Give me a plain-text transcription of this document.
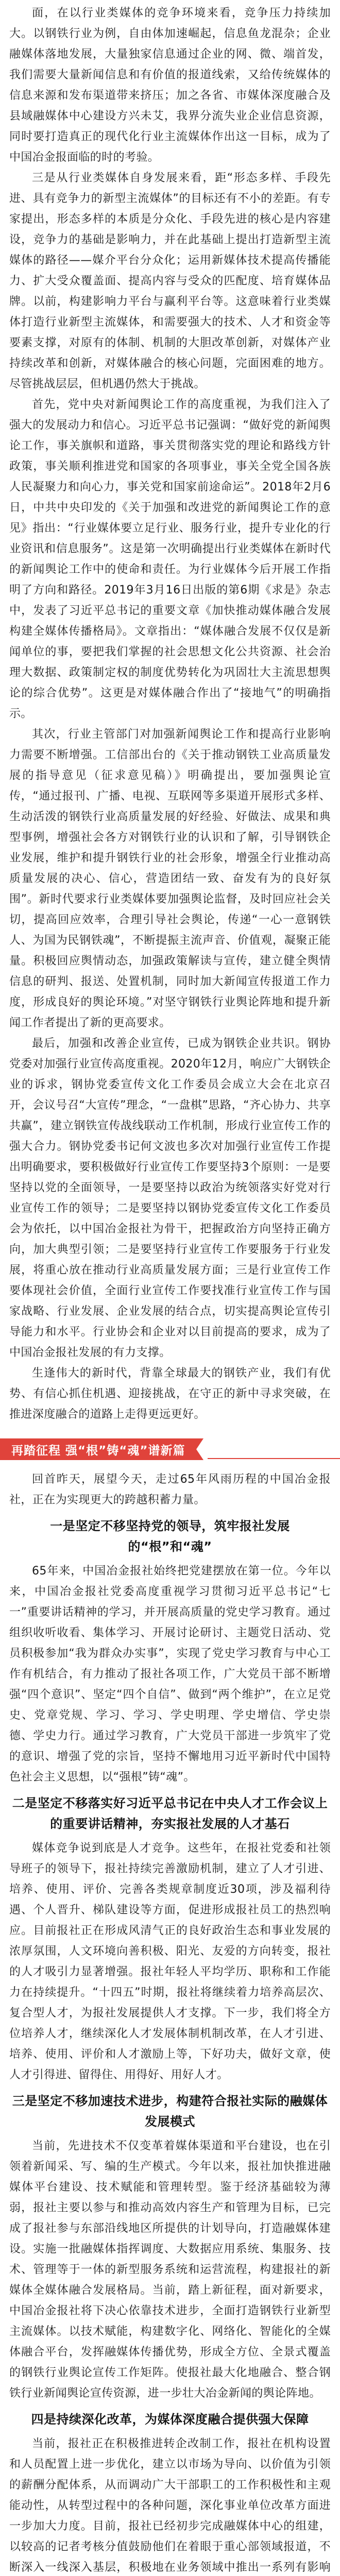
面，在以行业类媒体的竞争环境来看，竞争压力持续加大。以钢铁行业为例，自由体加速崛起，信息鱼龙混杂；企业融媒体落地发展，大量独家信息通过企业的网、微、端首发，我们需要大量新闻信息和有价值的报道线索，又给传统媒体的信息来源和发布渠道带来挤压；加之各省、市媒体深度融合及县域融媒体中心建设方兴未艾，我界分流失业企业信息资源，同时要打造真正的现代化行业主流媒体作出这一目标，成为了中国冶金报面临的时的考验。

三是从行业类媒体自身发展来看，距“形态多样、手段先进、具有竞争力的新型主流媒体”的目标还有不小的差距。有专家提出，形态多样的本质是分众化、手段先进的核心是内容建设，竞争力的基础是影响力，并在此基础上提出打造新型主流媒体的路径——媒介平台分众化；运用新媒体技术提高传播能力、扩大受众覆盖面、提高内容与受众的匹配度、培育媒体品牌。以前，构建影响力平台与赢利平台等。这意味着行业类媒体打造行业新型主流媒体，和需要强大的技术、人才和资金等要素支撑，对原有的体制、机制的大胆改革创新，对媒体产业持续改革和创新，对媒体融合的核心问题，完面困难的地方。尽管挑战层层，但机遇仍然大于挑战。

首先，党中央对新闻舆论工作的高度重视，为我们注入了强大的发展动力和信心。习近平总书记强调：“做好党的新闻舆论工作，事关旗帜和道路，事关贯彻落实党的理论和路线方针政策，事关顺利推进党和国家的各项事业，事关全党全国各族人民凝聚力和向心力，事关党和国家前途命运”。2018年2月6日，中共中央印发的《关于加强和改进党的新闻舆论工作的意见》指出：“行业媒体要立足行业、服务行业，提升专业化的行业资讯和信息服务”。这是第一次明确提出行业类媒体在新时代的新闻舆论工作中的使命和责任。为行业媒体今后开展工作指明了方向和路径。2019年3月16日出版的第6期《求是》杂志中，发表了习近平总书记的重要文章《加快推动媒体融合发展 构建全媒体传播格局》。文章指出：“媒体融合发展不仅仅是新闻单位的事，要把我们掌握的社会思想文化公共资源、社会治理大数据、政策制定权的制度优势转化为巩固壮大主流思想舆论的综合优势”。这更是对媒体融合作出了“接地气”的明确指示。

其次，行业主管部门对加强新闻舆论工作和提高行业影响力需要不断增强。工信部出台的《关于推动钢铁工业高质量发展的指导意见（征求意见稿）》明确提出，要加强舆论宣传，“通过报刊、广播、电视、互联网等多渠道开展形式多样、生动活泼的钢铁行业高质量发展的好经验、好做法、成果和典型事例，增强社会各方对钢铁行业的认识和了解，引导钢铁企业发展，维护和提升钢铁行业的社会形象，增强全行业推动高质量发展的决心、信心，营造团结一致、奋发有为的良好氛围”。新时代要求行业类媒体要加强舆论监督，及时回应社会关切，提高回应效率，合理引导社会舆论，传递“一心一意钢铁人、为国为民钢铁魂”，不断提振主流声音、价值观，凝聚正能量。积极回应舆情动态，加强政策解读与宣传，建立健全舆情信息的研判、报送、处置机制，同时加大新闻宣传报道工作力度，形成良好的舆论环境。”对坚守钢铁行业舆论阵地和提升新闻工作者提出了新的更高要求。

最后，加强和改善企业宣传，已成为钢铁企业共识。钢协党委对加强行业宣传高度重视。2020年12月，响应广大钢铁企业的诉求，钢协党委宣传文化工作委员会成立大会在北京召开，会议号召“大宣传”理念，“一盘棋”思路，“齐心协力、共享共赢”，建立钢铁宣传战线联动工作机制，形成行业宣传工作的强大合力。钢协党委书记何文波也多次对加强行业宣传工作提出明确要求，要积极做好行业宣传工作要坚持3个原则：一是要坚持以党的全面领导，一是要坚持以政治为统领落实好党对行业宣传工作的领导；二是要坚持以钢协党委宣传文化工作委员会为依托，以中国冶金报社为骨干，把握政治方向坚持正确方向，加大典型引领；二是要坚持行业宣传工作要服务于行业发展，将重心放在推动行业高质量发展方面；三是行业宣传工作要体现社会价值，全面行业宣传工作要找准行业宣传工作与国家战略、行业发展、企业发展的结合点，切实提高舆论宣传引导能力和水平。行业协会和企业对以目前提高的要求，成为了中国冶金报社发展的有力支撑。

生逢伟大的新时代，背靠全球最大的钢铁产业，我们有优势、有信心抓住机遇、迎接挑战，在守正的新中寻求突破，在推进深度融合的道路上走得更远更好。

再踏征程 强“根”铸“魂”谱新篇

回首昨天，展望今天，走过65年风雨历程的中国冶金报社，正在为实现更大的跨越积蓄力量。

一是坚定不移坚持党的领导，筑牢报社发展
的“根”和“魂”

65年来，中国冶金报社始终把党建摆放在第一位。今年以来，中国冶金报社党委高度重视学习贯彻习近平总书记“七一”重要讲话精神的学习，并开展高质量的党史学习教育。通过组织收听收看、集体学习、开展讨论研讨、主题党日活动、党员积极参加“我为群众办实事”，实现了党史学习教育与中心工作有机结合，有力推动了报社各项工作，广大党员干部不断增强“四个意识”、坚定“四个自信”、做到“两个维护”，在立足党史、党章党规、学习、学习、学史明理、学史增信、学史崇德、学史力行。通过学习教育，广大党员干部进一步筑牢了党的意识、增强了党的宗旨，坚持不懈地用习近平新时代中国特色社会主义思想，以“强根”铸“魂”。

二是坚定不移落实好习近平总书记在中央人才工作会议上
的重要讲话精神，夯实报社发展的人才基石

媒体竞争说到底是人才竞争。这些年，在报社党委和社领导班子的领导下，报社持续完善激励机制，建立了人才引进、培养、使用、评价、完善各类规章制度近30项，涉及福利待遇、个人晋升、梯队建设等方面，促进形成报社员工的热烈响应。目前报社正在形成风清气正的良好政治生态和事业发展的浓厚氛围，人文环境向善积极、阳光、友爱的方向转变，报社的人才吸引力显著增强。报社年轻人平均学历、职称和工作能力在持续提升。“十四五”时期，报社将继续着力培养高层次、复合型人才，为报社发展提供人才支撑。下一步，我们将全方位培养人才，继续深化人才发展体制机制改革，在人才引进、培养、使用、评价和人才激励上等，下好功夫，做好文章，使人才引得进、留得住、用得好、用好人才。

三是坚定不移加速技术进步，构建符合报社实际的融媒体
发展模式

当前，先进技术不仅变革着媒体渠道和平台建设，也在引领着新闻采、写、编的生产模式。今年以来，报社加快推进融媒体平台建设、技术赋能和管理转型。鉴于经济基础较为薄弱，报社主要以参与和推动高效内容生产和管理为目标，已完成了报社参与东部沿线地区所提供的计划导向，打造融媒体建设。实施一批融媒体指挥调度、大数据应用系统、集服务、技术、管理等于一体的新型服务系统和运营流程，构建报社的新媒体全媒体融合发展格局。当前，踏上新征程，面对新要求，中国冶金报社将下决心依靠技术进步，全面打造钢铁行业新型主流媒体。以技术赋能，构建数字化、网络化、智能化的全媒体融合平台，发挥融媒体传播优势，形成全方位、全景式覆盖的钢铁行业舆论宣传工作矩阵。使报社最大化地融合、整合钢铁行业新闻舆论宣传资源，进一步壮大冶金新闻的舆论阵地。

四是持续深化改革，为媒体深度融合提供强大保障

当前，报社正在积极推进转企改制工作，报社在机构设置和人员配置上进一步优化，建立以市场为导向、以价值为引领的薪酬分配体系，从而调动广大干部职工的工作积极性和主观能动性，从转型过程中的各种问题，深化事业单位改革方面进一步加大力度。目前，报社已经初步完成融媒体中心的组建，以较高的记者考核分值鼓励他们在着眼于重心部领域报道，不断深入一线深入基层，积极地在业务领域中推出一系列有影响
